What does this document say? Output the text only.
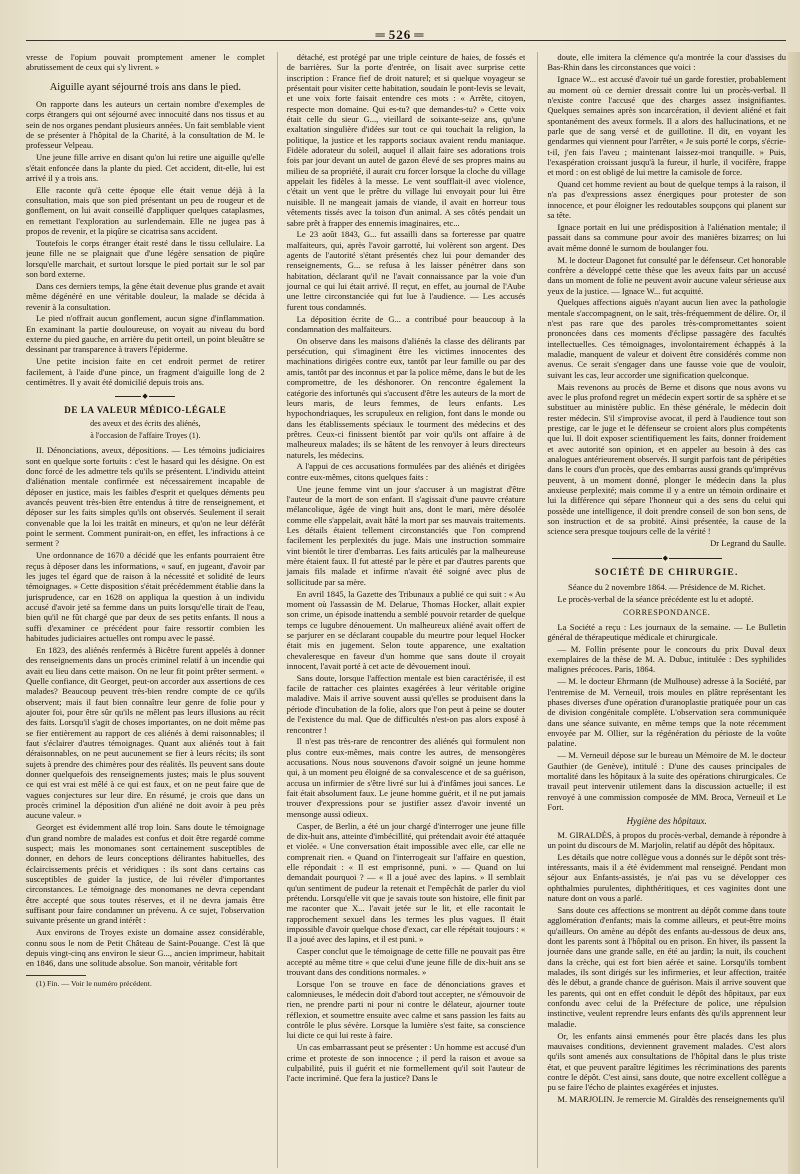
═ 526 ═

vresse de l'opium pouvait promptement amener le complet abrutissement de ceux qui s'y livrent. »

Aiguille ayant séjourné trois ans dans le pied.

On rapporte dans les auteurs un certain nombre d'exemples de corps étrangers qui ont séjourné avec innocuité dans nos tissus et au sein de nos organes pendant plusieurs années. Un fait semblable vient de se présenter à l'hôpital de la Charité, à la consultation de M. le professeur Velpeau.

Une jeune fille arrive en disant qu'on lui retire une aiguille qu'elle s'était enfoncée dans la plante du pied. Cet accident, dit-elle, lui est arrivé il y a trois ans.

Elle raconte qu'à cette époque elle était venue déjà à la consultation, mais que son pied présentant un peu de rougeur et de gonflement, on lui avait conseillé d'appliquer quelques cataplasmes, en remettant l'exploration au surlendemain. Elle ne jugea pas à propos de revenir, et la piqûre se cicatrisa sans accident.

Toutefois le corps étranger était resté dans le tissu cellulaire. La jeune fille ne se plaignait que d'une légère sensation de piqûre lorsqu'elle marchait, et surtout lorsque le pied portait sur le sol par son bord externe.

Dans ces derniers temps, la gêne était devenue plus grande et avait même dégénéré en une véritable douleur, la malade se décida à revenir à la consultation.

Le pied n'offrait aucun gonflement, aucun signe d'inflammation. En examinant la partie douloureuse, on voyait au niveau du bord externe du pied gauche, en arrière du petit orteil, un point bleuâtre se dessinant par transparence à travers l'épiderme.

Une petite incision faite en cet endroit permet de retirer facilement, à l'aide d'une pince, un fragment d'aiguille long de 2 centimètres. Il y avait été domicilié depuis trois ans.

◆
DE LA VALEUR MÉDICO-LÉGALE
des aveux et des écrits des aliénés,
à l'occasion de l'affaire Troyes (1).

II. Dénonciations, aveux, dépositions. — Les témoins judiciaires sont en quelque sorte fortuits : c'est le hasard qui les désigne. On est donc forcé de les admettre tels qu'ils se présentent. L'individu atteint d'aliénation mentale confirmée est nécessairement incapable de déposer en justice, mais les faibles d'esprit et quelques déments peu avancés peuvent très-bien être entendus à titre de renseignement, et déposer sur les faits simples qu'ils ont observés. Seulement il serait convenable que la loi les traitât en mineurs, et qu'on ne leur déférât point le serment. Comment punirait-on, en effet, les infractions à ce serment ?

Une ordonnance de 1670 a décidé que les enfants pourraient être reçus à déposer dans les informations, « sauf, en jugeant, d'avoir par les juges tel égard que de raison à la nécessité et solidité de leurs témoignages. » Cette disposition s'était précédemment établie dans la jurisprudence, car en 1628 on appliqua la question à un individu accusé d'avoir jeté sa femme dans un puits lorsqu'elle tirait de l'eau, bien qu'il ne fût chargé que par deux de ses petits enfants. Il nous a suffi d'examiner ce précédent pour faire ressortir combien les habitudes judiciaires actuelles ont rompu avec le passé.

En 1823, des aliénés renfermés à Bicêtre furent appelés à donner des renseignements dans un procès criminel relatif à un incendie qui avait eu lieu dans cette maison. On ne leur fit point prêter serment. « Quelle confiance, dit Georget, peut-on accorder aux assertions de ces malades? Beaucoup peuvent très-bien rendre compte de ce qu'ils observent; mais il faut bien connaître leur genre de folie pour y ajouter foi, pour être sûr qu'ils ne mêlent pas leurs illusions au récit des faits. Lorsqu'il s'agit de choses importantes, on ne doit même pas se fier entièrement au rapport de ces aliénés à demi raisonnables; il faut s'éclairer d'autres témoignages. Quant aux aliénés tout à fait déraisonnables, on ne peut aucunement se fier à leurs récits; ils sont sujets à prendre des chimères pour des réalités. Ils peuvent sans doute donner quelquefois des renseignements justes; mais le plus souvent ce qui est vrai est mêlé à ce qui est faux, et on ne peut faire que de vagues conjectures sur leur dire. En résumé, je crois que dans un procès criminel la déposition d'un aliéné ne doit avoir à peu près aucune valeur. »

Georget est évidemment allé trop loin. Sans doute le témoignage d'un grand nombre de malades est confus et doit être regardé comme suspect; mais les monomanes sont certainement susceptibles de donner, en dehors de leurs conceptions délirantes habituelles, des éclaircissements précis et véridiques : ils sont dans certains cas susceptibles de guider la justice, de lui révéler d'importantes circonstances. Le témoignage des monomanes ne devra cependant être accepté que sous toutes réserves, et il ne devra jamais être suffisant pour faire condamner un prévenu. A ce sujet, l'observation suivante présente un grand intérêt :

Aux environs de Troyes existe un domaine assez considérable, connu sous le nom de Petit Château de Saint-Pouange. C'est là que depuis vingt-cinq ans environ le sieur G..., ancien imprimeur, habitait en 1846, dans une solitude absolue. Son manoir, véritable fort

(1) Fin. — Voir le numéro précédent.

détaché, est protégé par une triple ceinture de haies, de fossés et de barrières. Sur la porte d'entrée, on lisait avec surprise cette inscription : France fief de droit naturel; et si quelque voyageur se présentait pour visiter cette habitation, soudain le pont-levis se levait, et une voix forte faisait entendre ces mots : « Arrête, citoyen, respecte mon domaine. Qui es-tu? que demandes-tu? » Cette voix était celle du sieur G..., vieillard de soixante-seize ans, qu'une exaltation singulière d'idées sur tout ce qui touchait la religion, la politique, la justice et les rapports sociaux avaient rendu maniaque. Fidèle adorateur du soleil, auquel il allait faire ses adorations trois fois par jour devant un autel de gazon élevé de ses propres mains au milieu de sa propriété, il aurait cru forcer lorsque la cloche du village appelait les fidèles à la messe. Le vent soufflait-il avec violence, c'était un vent que le prêtre du village lui envoyait pour lui être nuisible. Il ne mangeait jamais de viande, il avait en horreur tous vêtements tissés avec la toison d'un animal. A ses côtés pendait un sabre prêt à frapper des ennemis imaginaires, etc...

Le 23 août 1843, G... fut assailli dans sa forteresse par quatre malfaiteurs, qui, après l'avoir garrotté, lui volèrent son argent. Des agents de l'autorité s'étant présentés chez lui pour demander des renseignements, G... se refusa à les laisser pénétrer dans son habitation, déclarant qu'il ne l'avait connaissance par la voie d'un journal ce qui lui était arrivé. Il reçut, en effet, au journal de l'Aube une lettre circonstanciée qui fut lue à l'audience. — Les accusés furent tous condamnés.

La déposition écrite de G... a contribué pour beaucoup à la condamnation des malfaiteurs.

On observe dans les maisons d'aliénés la classe des délirants par persécution, qui s'imaginent être les victimes innocentes des machinations dirigées contre eux, tantôt par leur famille ou par des amis, tantôt par des inconnus et par la police même, dans le but de les compromettre, de les déshonorer. On rencontre également la catégorie des infortunés qui s'accusent d'être les auteurs de la mort de leurs maris, de leurs femmes, de leurs enfants. Les hypochondriaques, les scrupuleux en religion, font dans le monde ou dans les établissements spéciaux le tourment des médecins et des prêtres. Ceux-ci finissent bientôt par voir qu'ils ont affaire à de malheureux malades; ils se hâtent de les renvoyer à leurs directeurs naturels, les médecins.

A l'appui de ces accusations formulées par des aliénés et dirigées contre eux-mêmes, citons quelques faits :

Une jeune femme vint un jour s'accuser à un magistrat d'être l'auteur de la mort de son enfant. Il s'agissait d'une pauvre créature mélancolique, âgée de vingt huit ans, dont le mari, mère désolée comme elle s'appelait, avait hâté la mort par ses mauvais traitements. Les détails étaient tellement circonstanciés que l'on comprend facilement les perplexités du juge. Mais une instruction sommaire vint bientôt le tirer d'embarras. Les faits articulés par la malheureuse mère étaient faux. Il fut attesté par le père et par d'autres parents que jamais fils malade et infirme n'avait été soigné avec plus de sollicitude par sa mère.

En avril 1845, la Gazette des Tribunaux a publié ce qui suit : « Au moment où l'assassin de M. Delarue, Thomas Hocker, allait expier son crime, un épisode inattendu a semblé pouvoir retarder de quelque temps ce lugubre dénouement. Un malheureux aliéné avait offert de se parjurer en se déclarant coupable du meurtre pour lequel Hocker était mis en jugement. Selon toute apparence, une exaltation chevaleresque en faveur d'un homme que sans doute il croyait innocent, l'avait porté à cet acte de dévouement inouï.

Sans doute, lorsque l'affection mentale est bien caractérisée, il est facile de rattacher ces plaintes exagérées à leur véritable origine maladive. Mais il arrive souvent aussi qu'elles se produisent dans la période d'incubation de la folie, alors que l'on peut à peine se douter de l'existence du mal. Que de difficultés n'est-on pas alors exposé à rencontrer !

Il n'est pas très-rare de rencontrer des aliénés qui formulent non plus contre eux-mêmes, mais contre les autres, de mensongères accusations. Nous nous souvenons d'avoir soigné un jeune homme qui, à un moment peu éloigné de sa convalescence et de sa guérison, accusa un infirmier de s'être livré sur lui à d'infâmes joui sances. Le fait était absolument faux. Le jeune homme guérit, et il ne put jamais trouver d'expressions pour se justifier assez d'avoir inventé un mensonge aussi odieux.

Casper, de Berlin, a été un jour chargé d'interroger une jeune fille de dix-huit ans, atteinte d'imbécillité, qui prétendait avoir été attaquée et violée. « Une conversation était impossible avec elle, car elle ne comprenait rien. « Quand on l'interrogeait sur l'affaire en question, elle répondait : « Il est emprisonné, puni. » — Quand on lui demandait pourquoi ? — « Il a joué avec des lapins. » Il semblait qu'un sentiment de pudeur la retenait et l'empêchât de parler du viol prétendu. Lorsqu'elle vit que je savais toute son histoire, elle finit par me raconter que X... l'avait jetée sur le lit, et elle racontait le rapprochement sexuel dans les termes les plus vagues. Il était impossible d'avoir quelque chose d'exact, car elle répétait toujours : « Il a joué avec des lapins, et il est puni. »

Casper conclut que le témoignage de cette fille ne pouvait pas être accepté au même titre « que celui d'une jeune fille de dix-huit ans se trouvant dans des conditions normales. »

Lorsque l'on se trouve en face de dénonciations graves et calomnieuses, le médecin doit d'abord tout accepter, ne s'émouvoir de rien, ne prendre parti ni pour ni contre le délateur, ajourner toute réflexion, et soumettre ensuite avec calme et sans passion les faits au contrôle le plus sévère. Lorsque la lumière s'est faite, sa conscience lui dicte ce qui lui reste à faire.

Un cas embarrassant peut se présenter : Un homme est accusé d'un crime et proteste de son innocence ; il perd la raison et avoue sa culpabilité, puis il guérit et nie formellement qu'il soit l'auteur de l'acte incriminé. Que fera la justice? Dans le

doute, elle imitera la clémence qu'a montrée la cour d'assises du Bas-Rhin dans les circonstances que voici :

Ignace W... est accusé d'avoir tué un garde forestier, probablement au moment où ce dernier dressait contre lui un procès-verbal. Il n'existe contre l'accusé que des charges assez insignifiantes. Quelques semaines après son incarcération, il devient aliéné et fait spontanément des aveux formels. Il a alors des hallucinations, et ne parle que de sang versé et de guillotine. Il dit, en voyant les gendarmes qui viennent pour l'arrêter, « Je suis porté le corps, s'écrie-t-il, j'en fais l'aveu ; maintenant laissez-moi tranquille. » Puis, l'exaspération croissant jusqu'à la fureur, il hurle, il vocifère, frappe et mord : on est obligé de lui mettre la camisole de force.

Quand cet homme revient au bout de quelque temps à la raison, il n'a pas d'expressions assez énergiques pour protester de son innocence, et pour éloigner les redoutables soupçons qui planent sur sa tête.

Ignace portait en lui une prédisposition à l'aliénation mentale; il passait dans sa commune pour avoir des manières bizarres; on lui avait même donné le surnom de boulanger fou.

M. le docteur Dagonet fut consulté par le défenseur. Cet honorable confrère a développé cette thèse que les aveux faits par un accusé dans un moment de folie ne peuvent avoir aucune valeur sérieuse aux yeux de la justice. — Ignace W... fut acquitté.

Quelques affections aiguës n'ayant aucun lien avec la pathologie mentale s'accompagnent, on le sait, très-fréquemment de délire. Or, il n'est pas rare que des paroles très-compromettantes soient prononcées dans ces moments d'éclipse passagère des facultés intellectuelles. Ces témoignages, involontairement échappés à la maladie, manquent de valeur et doivent être considérés comme non avenus. Ce serait s'engager dans une fausse voie que de vouloir, suivant les cas, leur accorder une signification quelconque.

Mais revenons au procès de Berne et disons que nous avons vu avec le plus profond regret un médecin expert sortir de sa sphère et se substituer au ministère public. En thèse générale, le médecin doit rester médecin. S'il s'improvise avocat, il perd à l'audience tout son prestige, car le juge et le défenseur se croient alors plus compétents que lui. Il doit exposer scientifiquement les faits, donner froidement et avec autorité son opinion, et en appeler au besoin à des cas analogues antérieurement observés. Il surgit parfois tant de péripéties dans le cours d'un procès, que des embarras aussi grands qu'imprévus peuvent, à un moment donné, plonger le médecin dans la plus anxieuse perplexité; mais comme il y a entre un témoin ordinaire et lui la différence qui sépare l'honneur qui a des sens du celui qui possède une intelligence, il doit prendre conseil de son bon sens, de son instruction et de sa probité. Ainsi présentée, la cause de la science sera presque toujours celle de la vérité !

Dr Legrand du Saulle.

◆
SOCIÉTÉ DE CHIRURGIE.

Séance du 2 novembre 1864. — Présidence de M. Richet.

Le procès-verbal de la séance précédente est lu et adopté.

CORRESPONDANCE.

La Société a reçu : Les journaux de la semaine. — Le Bulletin général de thérapeutique médicale et chirurgicale.

— M. Follin présente pour le concours du prix Duval deux exemplaires de la thèse de M. A. Dubuc, intitulée : Des syphilides malignes précoces. Paris, 1864.

— M. le docteur Ehrmann (de Mulhouse) adresse à la Société, par l'entremise de M. Verneuil, trois moules en plâtre représentant les phases diverses d'une opération d'uranoplastie pratiquée pour un cas de division congénitale complète. L'observation sera communiquée dans une séance suivante, en même temps que la note récemment envoyée par M. Ollier, sur la régénération du périoste de la voûte palatine.

— M. Verneuil dépose sur le bureau un Mémoire de M. le docteur Gauthier (de Genève), intitulé : D'une des causes principales de mortalité dans les hôpitaux à la suite des opérations chirurgicales. Ce travail peut intervenir utilement dans la discussion actuelle; il est renvoyé à une commission composée de MM. Broca, Verneuil et Le Fort.

Hygiène des hôpitaux.

M. GIRALDÈS, à propos du procès-verbal, demande à répondre à un point du discours de M. Marjolin, relatif au dépôt des hôpitaux.

Les détails que notre collègue vous a donnés sur le dépôt sont très-intéressants, mais il a été évidemment mal renseigné. Pendant mon séjour aux Enfants-assistés, je n'ai pas vu se développer ces ophthalmies purulentes, diphthéritiques, et ces vaginites dont une nature dont on vous a parlé.

Sans doute ces affections se montrent au dépôt comme dans toute agglomération d'enfants; mais la comme ailleurs, et peut-être moins qu'ailleurs. On amène au dépôt des enfants au-dessous de deux ans, dont les parents sont à l'hôpital ou en prison. En hiver, ils passent la journée dans une grande salle, en été au jardin; la nuit, ils couchent dans la crèche, qui est fort bien aérée et saine. Lorsqu'ils tombent malades, ils sont dirigés sur les infirmeries, et leur affection, traitée dès le début, a grande chance de guérison. Mais il arrive souvent que les parents, qui ont en effet conduit le dépôt des hôpitaux, par eux confondu avec celui de la Préfecture de police, une répulsion instinctive, veulent reprendre leurs enfants dès qu'ils apprennent leur maladie.

Or, les enfants ainsi emmenés pour être placés dans les plus mauvaises conditions, deviennent gravement malades. C'est alors qu'ils sont amenés aux consultations de l'hôpital dans le plus triste état, et que peuvent paraître légitimes les récriminations des parents contre le dépôt. C'est ainsi, sans doute, que notre excellent collègue a pu se faire l'écho de plaintes exagérées et injustes.

M. MARJOLIN. Je remercie M. Giraldès des renseignements qu'il
